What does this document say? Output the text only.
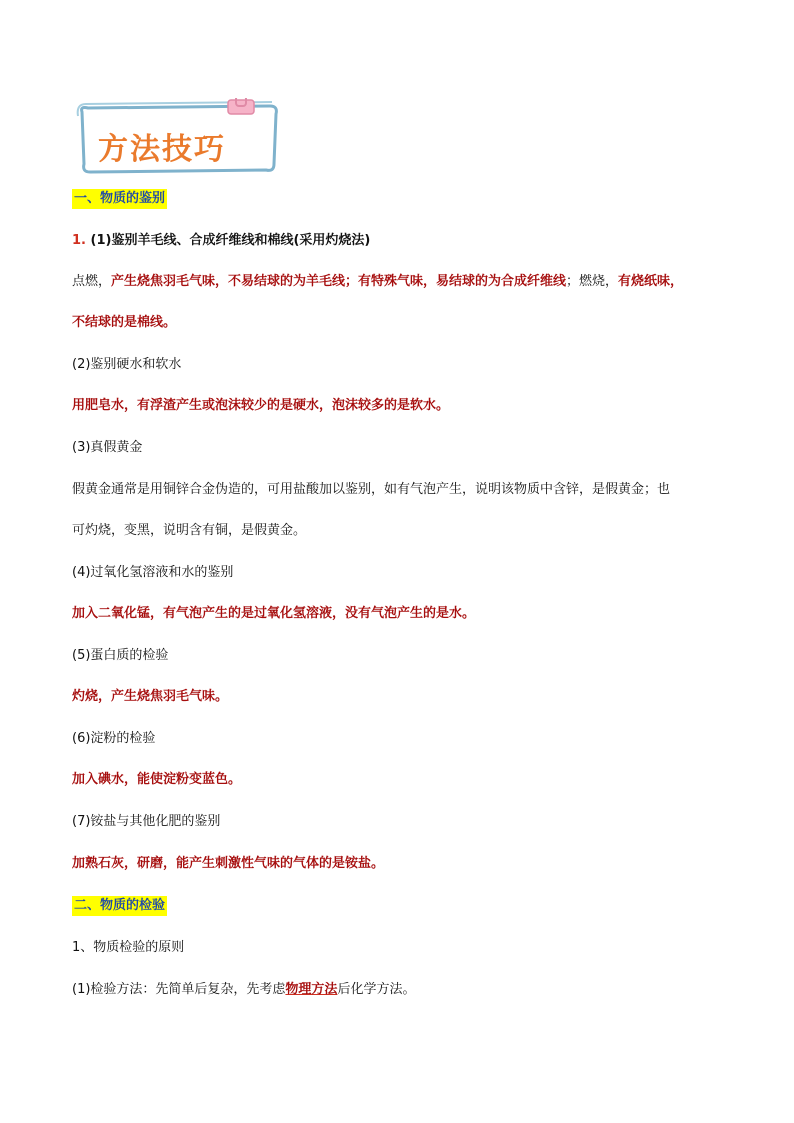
方法技巧
一、物质的鉴别
1. (1)鉴别羊毛线、合成纤维线和棉线(采用灼烧法)
点燃，产生烧焦羽毛气味，不易结球的为羊毛线；有特殊气味，易结球的为合成纤维线；燃烧，有烧纸味，
不结球的是棉线。
(2)鉴别硬水和软水
用肥皂水，有浮渣产生或泡沫较少的是硬水，泡沫较多的是软水。
(3)真假黄金
假黄金通常是用铜锌合金伪造的，可用盐酸加以鉴别，如有气泡产生，说明该物质中含锌，是假黄金；也
可灼烧，变黑，说明含有铜，是假黄金。
(4)过氧化氢溶液和水的鉴别
加入二氧化锰，有气泡产生的是过氧化氢溶液，没有气泡产生的是水。
(5)蛋白质的检验
灼烧，产生烧焦羽毛气味。
(6)淀粉的检验
加入碘水，能使淀粉变蓝色。
(7)铵盐与其他化肥的鉴别
加熟石灰，研磨，能产生刺激性气味的气体的是铵盐。
二、物质的检验
1、物质检验的原则
(1)检验方法：先简单后复杂，先考虑物理方法后化学方法。
